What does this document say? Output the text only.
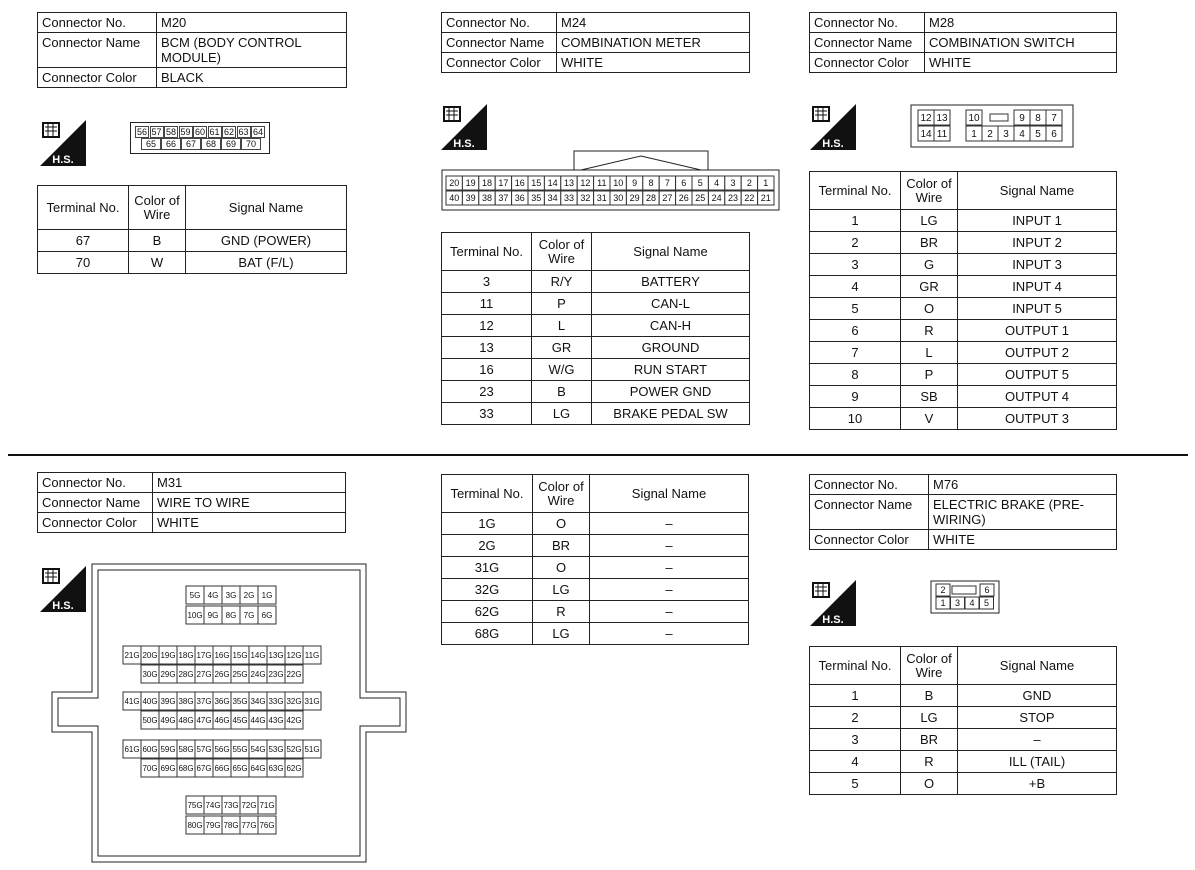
Connector No.	M20
Connector Name	BCM (BODY CONTROL MODULE)
Connector Color	BLACK
H.S.
56 57 58 59 60 61 62 63 64
65	66	67	68	69	70
Terminal No.	Color of Wire	Signal Name
67	B	GND (POWER)
70	W	BAT (F/L)
Connector No.	M24
Connector Name	COMBINATION METER
Connector Color	WHITE
H.S.
20 19 18 17 16 15 14 13 12 11 10 9 8 7 6 5 4 3 2 1
40 39 38 37 36 35 34 33 32 31 30 29 28 27 26 25 24 23 22 21
Terminal No.	Color of Wire	Signal Name
3	R/Y	BATTERY
11	P	CAN-L
12	L	CAN-H
13	GR	GROUND
16	W/G	RUN START
23	B	POWER GND
33	LG	BRAKE PEDAL SW
Connector No.	M28
Connector Name	COMBINATION SWITCH
Connector Color	WHITE
H.S.
12 13 10	9 8 7
14 11 1 2 3 4 5 6
Terminal No.	Color of Wire	Signal Name
1	LG	INPUT 1
2	BR	INPUT 2
3	G	INPUT 3
4	GR	INPUT 4
5	O	INPUT 5
6	R	OUTPUT 1
7	L	OUTPUT 2
8	P	OUTPUT 5
9	SB	OUTPUT 4
10	V	OUTPUT 3
Connector No.	M31
Connector Name	WIRE TO WIRE
Connector Color	WHITE
H.S.
5G 4G 3G 2G 1G
10G 9G 8G 7G 6G
21G 20G 19G 18G 17G 16G 15G 14G 13G 12G 11G
30G 29G 28G 27G 26G 25G 24G 23G 22G
41G 40G 39G 38G 37G 36G 35G 34G 33G 32G 31G
50G 49G 48G 47G 46G 45G 44G 43G 42G
61G 60G 59G 58G 57G 56G 55G 54G 53G 52G 51G
70G 69G 68G 67G 66G 65G 64G 63G 62G
75G 74G 73G 72G 71G
80G 79G 78G 77G 76G
Terminal No.	Color of Wire	Signal Name
1G	O	–
2G	BR	–
31G	O	–
32G	LG	–
62G	R	–
68G	LG	–
Connector No.	M76
Connector Name	ELECTRIC BRAKE (PRE-WIRING)
Connector Color	WHITE
H.S.
2	6
1 3 4 5
Terminal No.	Color of Wire	Signal Name
1	B	GND
2	LG	STOP
3	BR	–
4	R	ILL (TAIL)
5	O	+B
